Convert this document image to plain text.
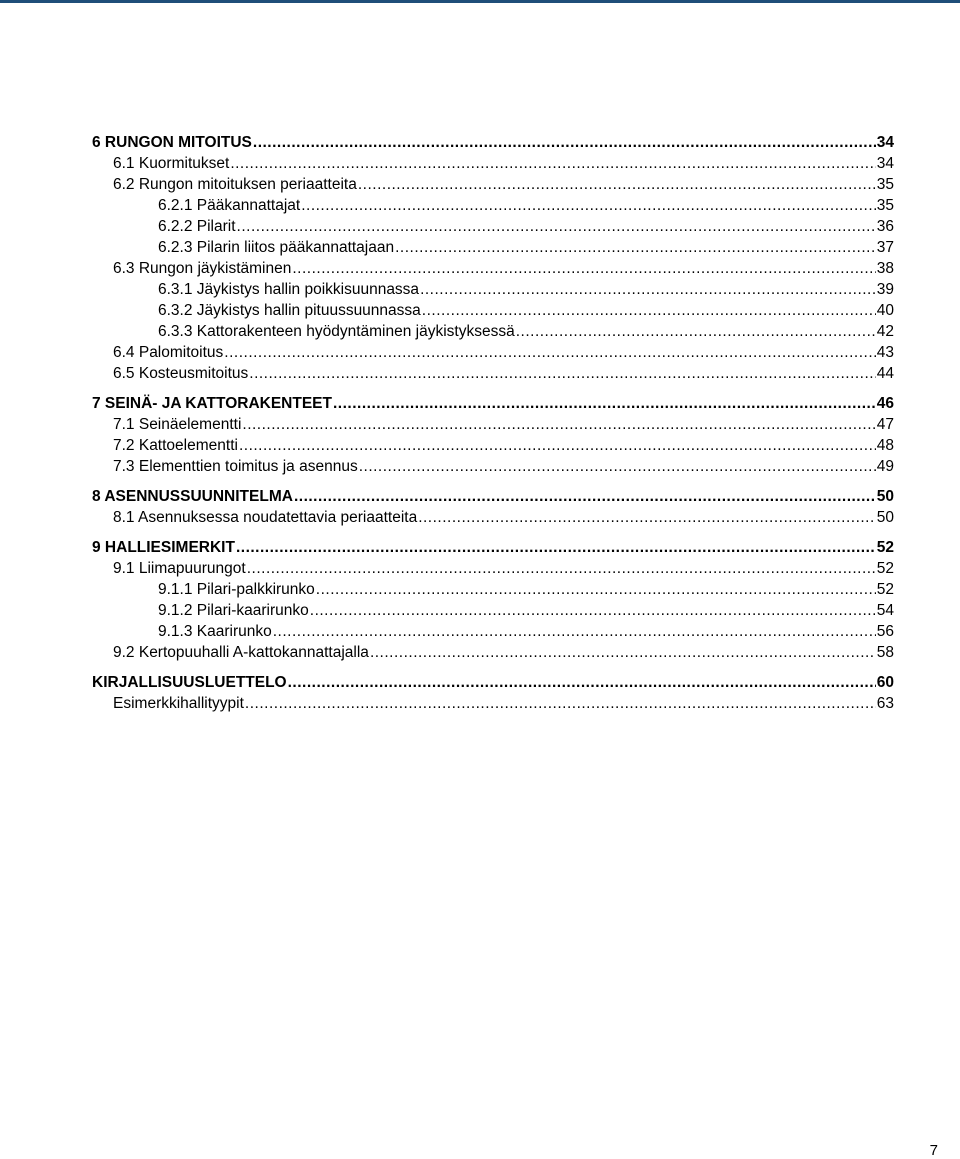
6 RUNGON MITOITUS .....	34
6.1 Kuormitukset .....	34
6.2 Rungon mitoituksen periaatteita .....	35
6.2.1 Pääkannattajat .....	35
6.2.2 Pilarit .....	36
6.2.3 Pilarin liitos pääkannattajaan .....	37
6.3 Rungon jäykistäminen .....	38
6.3.1 Jäykistys hallin poikkisuunnassa .....	39
6.3.2 Jäykistys hallin pituussuunnassa .....	40
6.3.3 Kattorakenteen hyödyntäminen jäykistyksessä .....	42
6.4 Palomitoitus .....	43
6.5 Kosteusmitoitus .....	44
7 SEINÄ- JA KATTORAKENTEET .....	46
7.1 Seinäelementti .....	47
7.2 Kattoelementti .....	48
7.3 Elementtien toimitus ja asennus .....	49
8 ASENNUSSUUNNITELMA .....	50
8.1 Asennuksessa noudatettavia periaatteita .....	50
9 HALLIESIMERKIT .....	52
9.1 Liimapuurungot .....	52
9.1.1 Pilari-palkkirunko .....	52
9.1.2 Pilari-kaarirunko .....	54
9.1.3 Kaarirunko .....	56
9.2 Kertopuuhalli A-kattokannattajalla .....	58
KIRJALLISUUSLUETTELO .....	60
Esimerkkihallityypit .....	63
7
